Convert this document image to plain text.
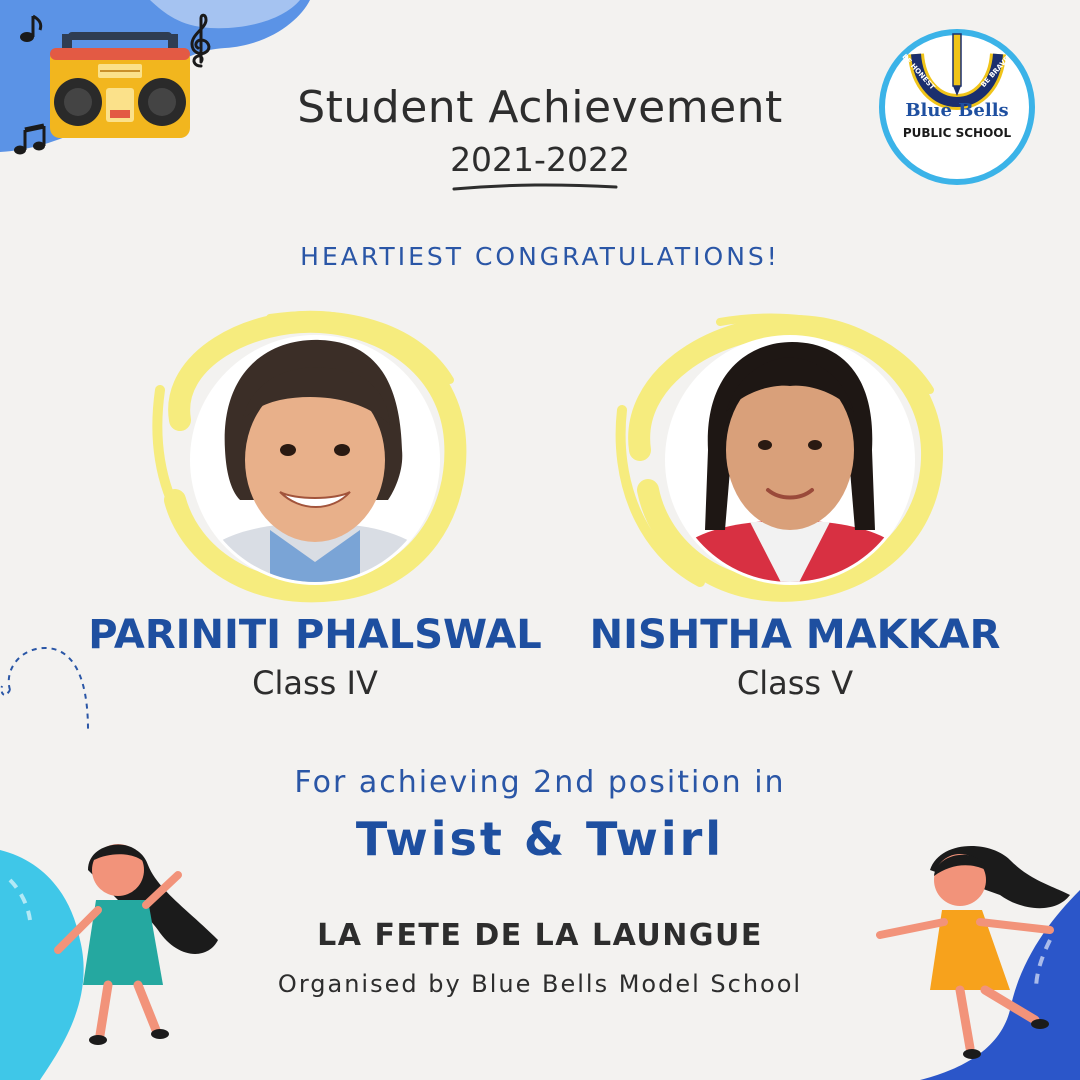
BE HONEST	BE BRAVE
Blue Bells
PUBLIC SCHOOL
Student Achievement
2021-2022
HEARTIEST CONGRATULATIONS!
PARINITI PHALSWAL
Class IV
NISHTHA MAKKAR
Class V
For achieving 2nd position in
Twist & Twirl
LA FETE DE LA LAUNGUE
Organised by Blue Bells Model School
